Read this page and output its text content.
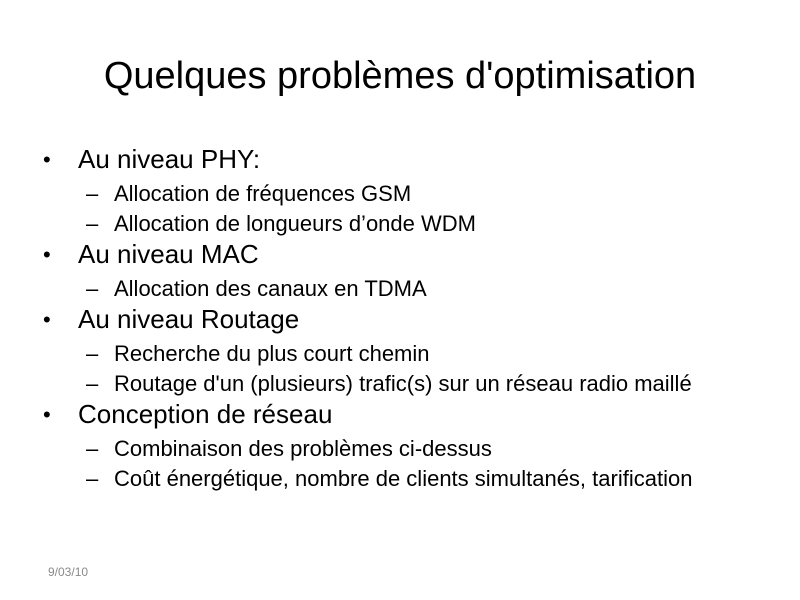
Quelques problèmes d'optimisation
• Au niveau PHY:
– Allocation de fréquences GSM
– Allocation de longueurs d’onde WDM
• Au niveau MAC
– Allocation des canaux en TDMA
• Au niveau Routage
– Recherche du plus court chemin
– Routage d'un (plusieurs) trafic(s) sur un réseau radio maillé
• Conception de réseau
– Combinaison des problèmes ci-dessus
– Coût énergétique, nombre de clients simultanés, tarification
9/03/10
